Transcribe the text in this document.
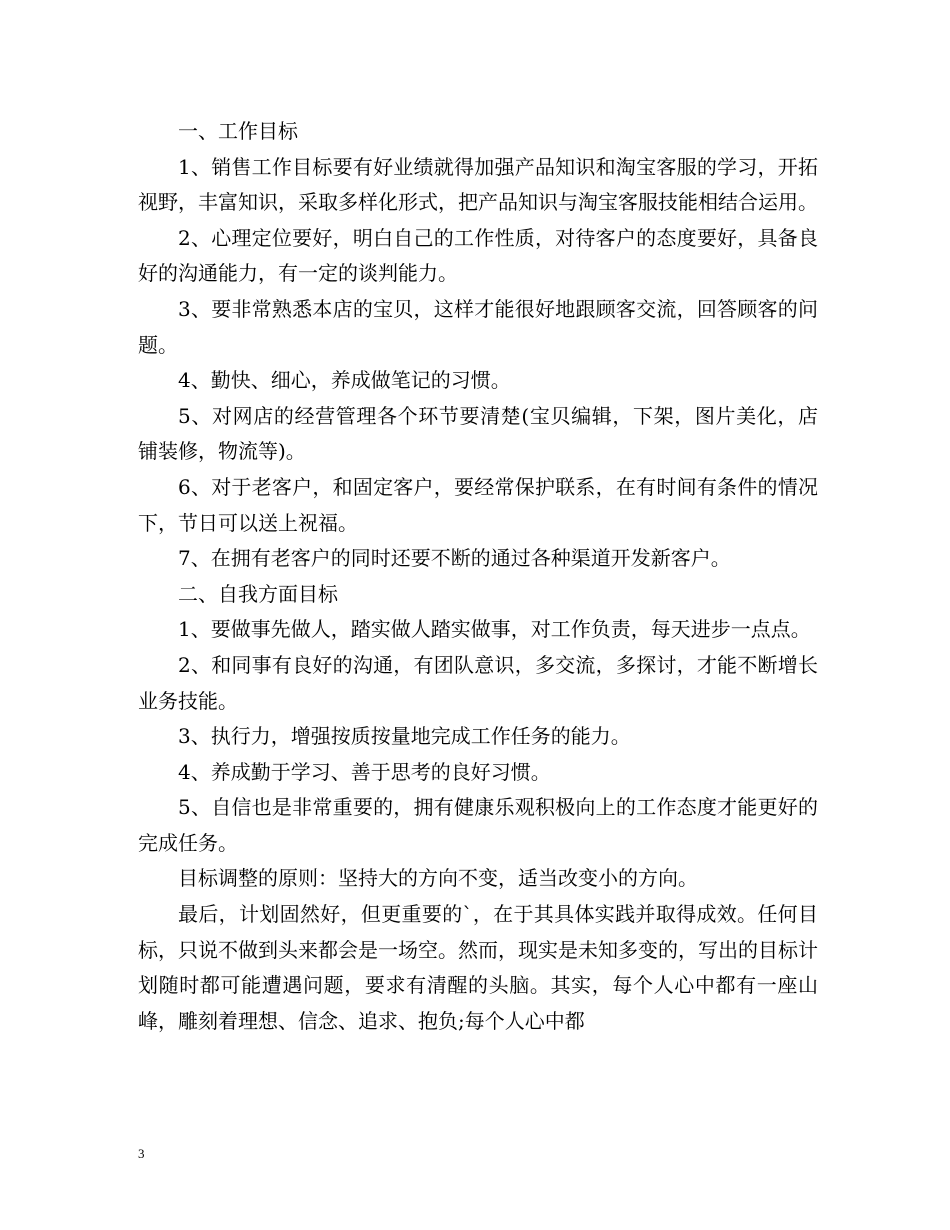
一、工作目标

1、销售工作目标要有好业绩就得加强产品知识和淘宝客服的学习，开拓视野，丰富知识，采取多样化形式，把产品知识与淘宝客服技能相结合运用。

2、心理定位要好，明白自己的工作性质，对待客户的态度要好，具备良好的沟通能力，有一定的谈判能力。

3、要非常熟悉本店的宝贝，这样才能很好地跟顾客交流，回答顾客的问题。

4、勤快、细心，养成做笔记的习惯。

5、对网店的经营管理各个环节要清楚(宝贝编辑，下架，图片美化，店铺装修，物流等)。

6、对于老客户，和固定客户，要经常保护联系，在有时间有条件的情况下，节日可以送上祝福。

7、在拥有老客户的同时还要不断的通过各种渠道开发新客户。

二、自我方面目标

1、要做事先做人，踏实做人踏实做事，对工作负责，每天进步一点点。

2、和同事有良好的沟通，有团队意识，多交流，多探讨，才能不断增长业务技能。

3、执行力，增强按质按量地完成工作任务的能力。

4、养成勤于学习、善于思考的良好习惯。

5、自信也是非常重要的，拥有健康乐观积极向上的工作态度才能更好的完成任务。

目标调整的原则：坚持大的方向不变，适当改变小的方向。

最后，计划固然好，但更重要的`，在于其具体实践并取得成效。任何目标，只说不做到头来都会是一场空。然而，现实是未知多变的，写出的目标计划随时都可能遭遇问题，要求有清醒的头脑。其实，每个人心中都有一座山峰，雕刻着理想、信念、追求、抱负;每个人心中都

3
